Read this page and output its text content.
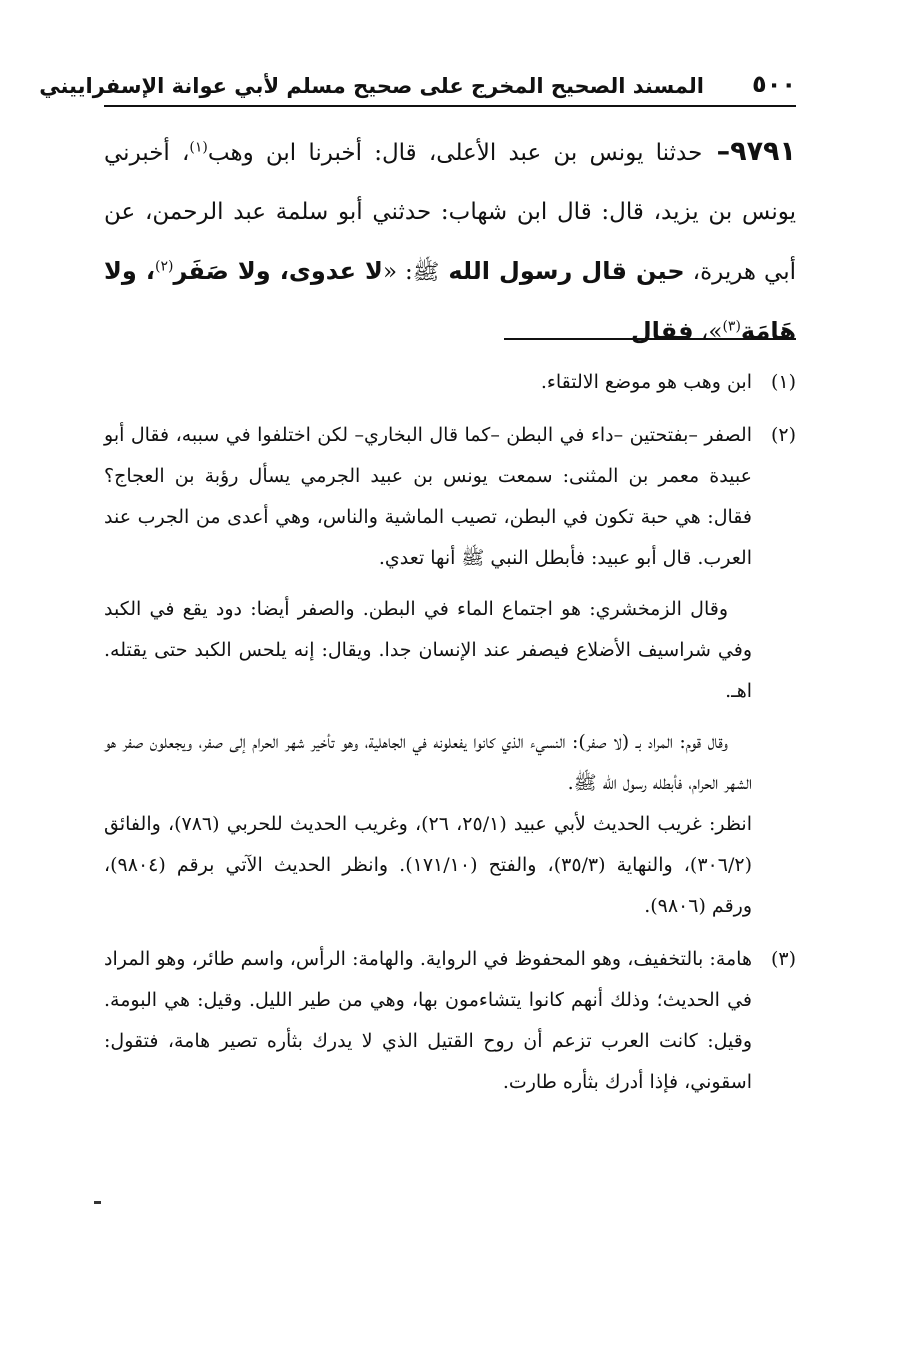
٥٠٠
المسند الصحيح المخرج على صحيح مسلم لأبي عوانة الإسفراييني
٩٧٩١– حدثنا يونس بن عبد الأعلى، قال: أخبرنا ابن وهب$^{(١)}$، أخبرني يونس بن يزيد، قال: قال ابن شهاب: حدثني أبو سلمة عبد الرحمن، عن أبي هريرة، حين قال رسول الله ﷺ: «لا عدوى، ولا صَفَر$^{(٢)}$، ولا هَامَة$^{(٣)}$»، فقال
(١)
ابن وهب هو موضع الالتقاء.
(٢)
الصفر –بفتحتين –داء في البطن –كما قال البخاري– لكن اختلفوا في سببه، فقال أبو عبيدة معمر بن المثنى: سمعت يونس بن عبيد الجرمي يسأل رؤبة بن العجاج؟ فقال: هي حبة تكون في البطن، تصيب الماشية والناس، وهي أعدى من الجرب عند العرب. قال أبو عبيد: فأبطل النبي ﷺ أنها تعدي.
وقال الزمخشري: هو اجتماع الماء في البطن. والصفر أيضا: دود يقع في الكبد وفي شراسيف الأضلاع فيصفر عند الإنسان جدا. ويقال: إنه يلحس الكبد حتى يقتله. اهـ.
وقال قوم: المراد بـ (لا صفر): النسيء الذي كانوا يفعلونه في الجاهلية، وهو تأخير شهر الحرام إلى صفر، ويجعلون صفر هو الشهر الحرام، فأبطله رسول الله ﷺ.
انظر: غريب الحديث لأبي عبيد (٢٥/١، ٢٦)، وغريب الحديث للحربي (٧٨٦)، والفائق (٣٠٦/٢)، والنهاية (٣٥/٣)، والفتح (١٧١/١٠). وانظر الحديث الآتي برقم (٩٨٠٤)، ورقم (٩٨٠٦).
(٣)
هامة: بالتخفيف، وهو المحفوظ في الرواية. والهامة: الرأس، واسم طائر، وهو المراد في الحديث؛ وذلك أنهم كانوا يتشاءمون بها، وهي من طير الليل. وقيل: هي البومة. وقيل: كانت العرب تزعم أن روح القتيل الذي لا يدرك بثأره تصير هامة، فتقول: اسقوني، فإذا أدرك بثأره طارت.
